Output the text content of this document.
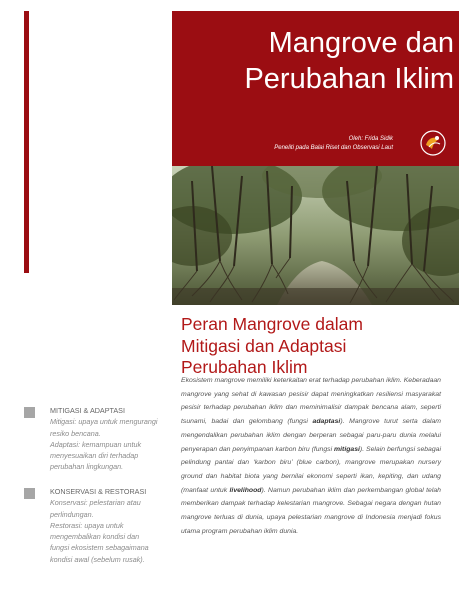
Mangrove dan
Perubahan Iklim
Oleh: Frida Sidik
Peneliti pada Balai Riset dan Observasi Laut
Peran Mangrove dalam
Mitigasi dan Adaptasi
Perubahan Iklim

Ekosistem mangrove memiliki keterkaitan erat terhadap perubahan iklim. Keberadaan mangrove yang sehat di kawasan pesisir dapat meningkatkan resiliensi masyarakat pesisir terhadap perubahan iklim dan meminimalisir dampak bencana alam, seperti tsunami, badai dan gelombang (fungsi adaptasi). Mangrove turut serta dalam mengendalikan perubahan iklim dengan berperan sebagai paru-paru dunia melalui penyerapan dan penyimpanan karbon biru (fungsi mitigasi). Selain berfungsi sebagai pelindung pantai dan ‘karbon biru’ (blue carbon), mangrove merupakan nursery ground dan habitat biota yang bernilai ekonomi seperti ikan, kepiting, dan udang (manfaat untuk livelihood). Namun perubahan iklim dan perkembangan global telah memberikan dampak terhadap kelestarian mangrove. Sebagai negara dengan hutan mangrove terluas di dunia, upaya pelestarian mangrove di Indonesia menjadi fokus utama program perubahan iklim dunia.

MITIGASI & ADAPTASI
Mitigasi: upaya untuk mengurangi resiko bencana.
Adaptasi: kemampuan untuk menyesuaikan diri terhadap perubahan lingkungan.
KONSERVASI & RESTORASI
Konservasi: pelestarian atau perlindungan.
Restorasi: upaya untuk mengembalikan kondisi dan fungsi ekosistem sebagaimana kondisi awal (sebelum rusak).
